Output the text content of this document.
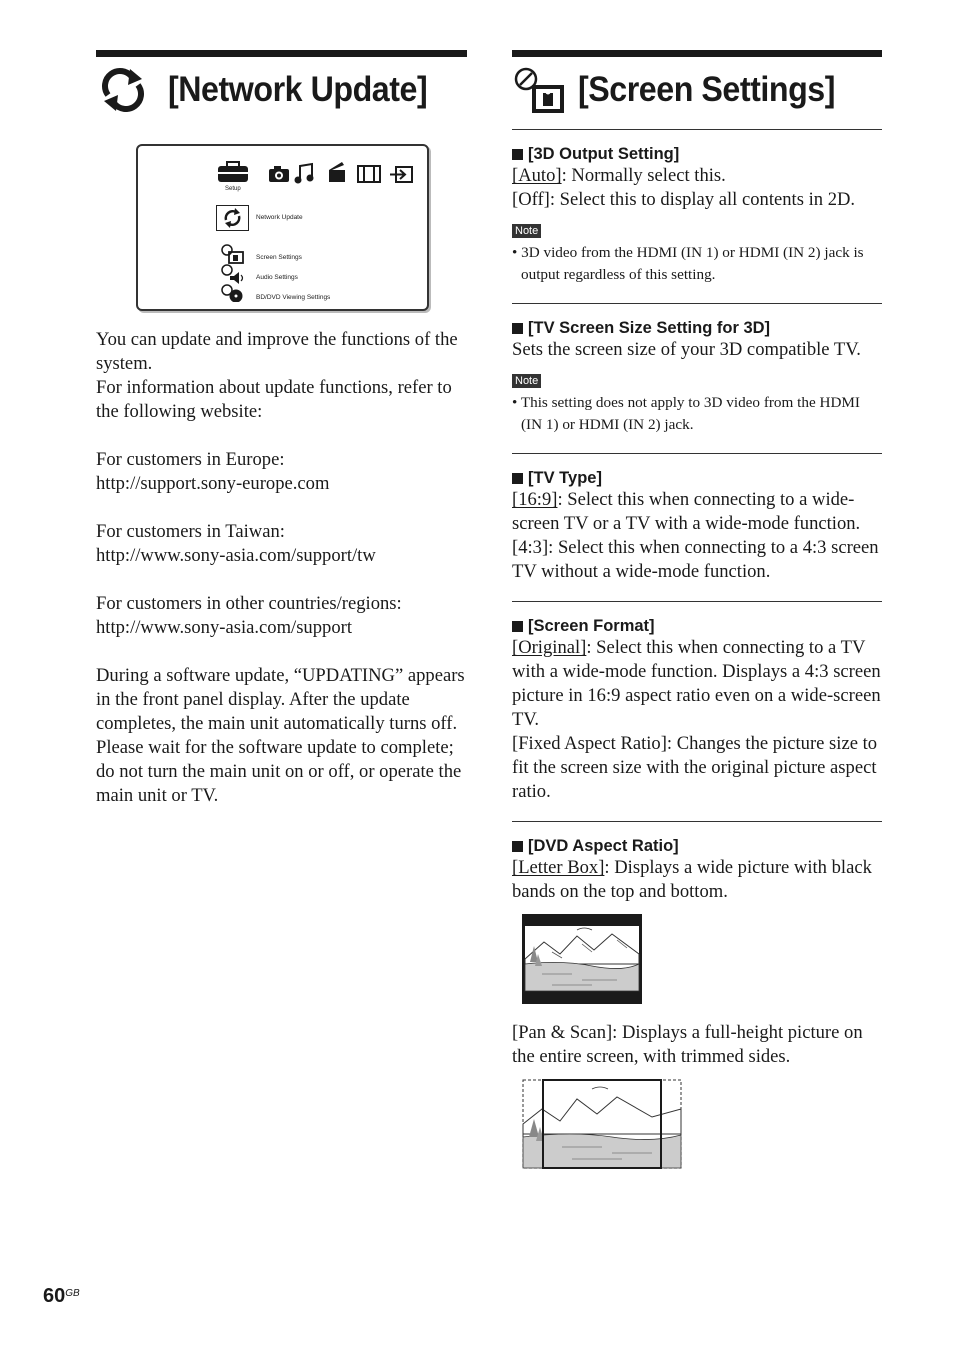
[Network Update]
Setup
Network Update
Screen Settings
Audio Settings
BD/DVD Viewing Settings

You can update and improve the functions of the system.

For information about update functions, refer to the following website:

For customers in Europe:

http://support.sony-europe.com

For customers in Taiwan:

http://www.sony-asia.com/support/tw

For customers in other countries/regions:

http://www.sony-asia.com/support

During a software update, “UPDATING” appears in the front panel display. After the update completes, the main unit automatically turns off. Please wait for the software update to complete; do not turn the main unit on or off, or operate the main unit or TV.

[Screen Settings]
[3D Output Setting]

[Auto]: Normally select this.

[Off]: Select this to display all contents in 2D.

Note
• 3D video from the HDMI (IN 1) or HDMI (IN 2) jack is output regardless of this setting.
[TV Screen Size Setting for 3D]

Sets the screen size of your 3D compatible TV.

Note
• This setting does not apply to 3D video from the HDMI (IN 1) or HDMI (IN 2) jack.
[TV Type]

[16:9]: Select this when connecting to a wide-screen TV or a TV with a wide-mode function.

[4:3]: Select this when connecting to a 4:3 screen TV without a wide-mode function.

[Screen Format]

[Original]: Select this when connecting to a TV with a wide-mode function. Displays a 4:3 screen picture in 16:9 aspect ratio even on a wide-screen TV.

[Fixed Aspect Ratio]: Changes the picture size to fit the screen size with the original picture aspect ratio.

[DVD Aspect Ratio]

[Letter Box]: Displays a wide picture with black bands on the top and bottom.

[Pan & Scan]: Displays a full-height picture on the entire screen, with trimmed sides.

$60^{GB}$
